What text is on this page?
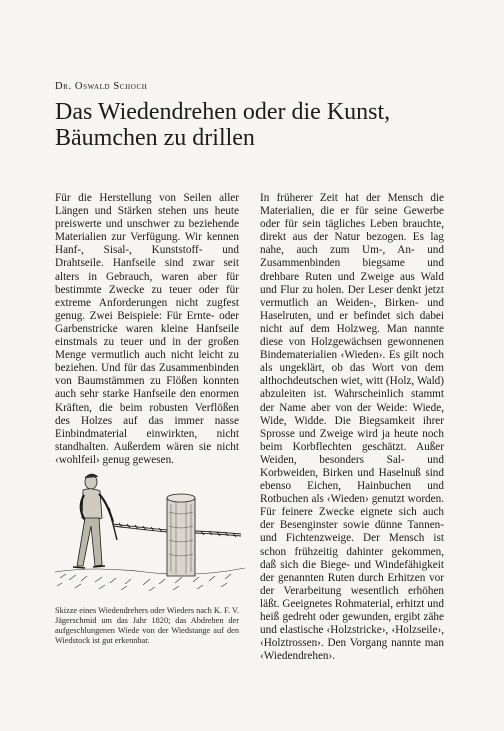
Dr. Oswald Schoch
Das Wiedendrehen oder die Kunst,
Bäumchen zu drillen

Für die Herstellung von Seilen aller Längen und Stärken stehen uns heute preiswerte und unschwer zu beziehende Materialien zur Verfügung. Wir kennen Hanf-, Sisal-, Kunststoff- und Drahtseile. Hanfseile sind zwar seit alters in Gebrauch, waren aber für bestimmte Zwecke zu teuer oder für extreme Anforderungen nicht zugfest genug. Zwei Beispiele: Für Ernte- oder Garbenstricke waren kleine Hanfseile einstmals zu teuer und in der großen Menge vermutlich auch nicht leicht zu beziehen. Und für das Zusammenbinden von Baumstämmen zu Flößen konnten auch sehr starke Hanfseile den enormen Kräften, die beim robusten Verflößen des Holzes auf das immer nasse Einbindmaterial einwirkten, nicht standhalten. Außerdem wären sie nicht ‹wohlfeil› genug gewesen.

Skizze eines Wiedendrehers oder Wieders nach K. F. V. Jägerschmid um das Jahr 1820; das Abdrehen der aufgeschlungenen Wiede von der Wiedstange auf den Wiedstock ist gut erkennbar.

In früherer Zeit hat der Mensch die Materialien, die er für seine Gewerbe oder für sein tägliches Leben brauchte, direkt aus der Natur bezogen. Es lag nahe, auch zum Um-, An- und Zusammenbinden biegsame und drehbare Ruten und Zweige aus Wald und Flur zu holen. Der Leser denkt jetzt vermutlich an Weiden-, Birken- und Haselruten, und er befindet sich dabei nicht auf dem Holzweg. Man nannte diese von Holzgewächsen gewonnenen Bindematerialien ‹Wieden›. Es gilt noch als ungeklärt, ob das Wort von dem althochdeutschen wiet, witt (Holz, Wald) abzuleiten ist. Wahrscheinlich stammt der Name aber von der Weide: Wiede, Wide, Widde. Die Biegsamkeit ihrer Sprosse und Zweige wird ja heute noch beim Korbflechten geschätzt. Außer Weiden, besonders Sal- und Korbweiden, Birken und Haselnuß sind ebenso Eichen, Hainbuchen und Rotbuchen als ‹Wieden› genutzt worden. Für feinere Zwecke eignete sich auch der Besenginster sowie dünne Tannen- und Fichtenzweige. Der Mensch ist schon frühzeitig dahinter gekommen, daß sich die Biege- und Windefähigkeit der genannten Ruten durch Erhitzen vor der Verarbeitung wesentlich erhöhen läßt. Geeignetes Rohmaterial, erhitzt und heiß gedreht oder gewunden, ergibt zähe und elastische ‹Holzstricke›, ‹Holzseile›, ‹Holztrossen›. Den Vorgang nannte man ‹Wiedendrehen›.
